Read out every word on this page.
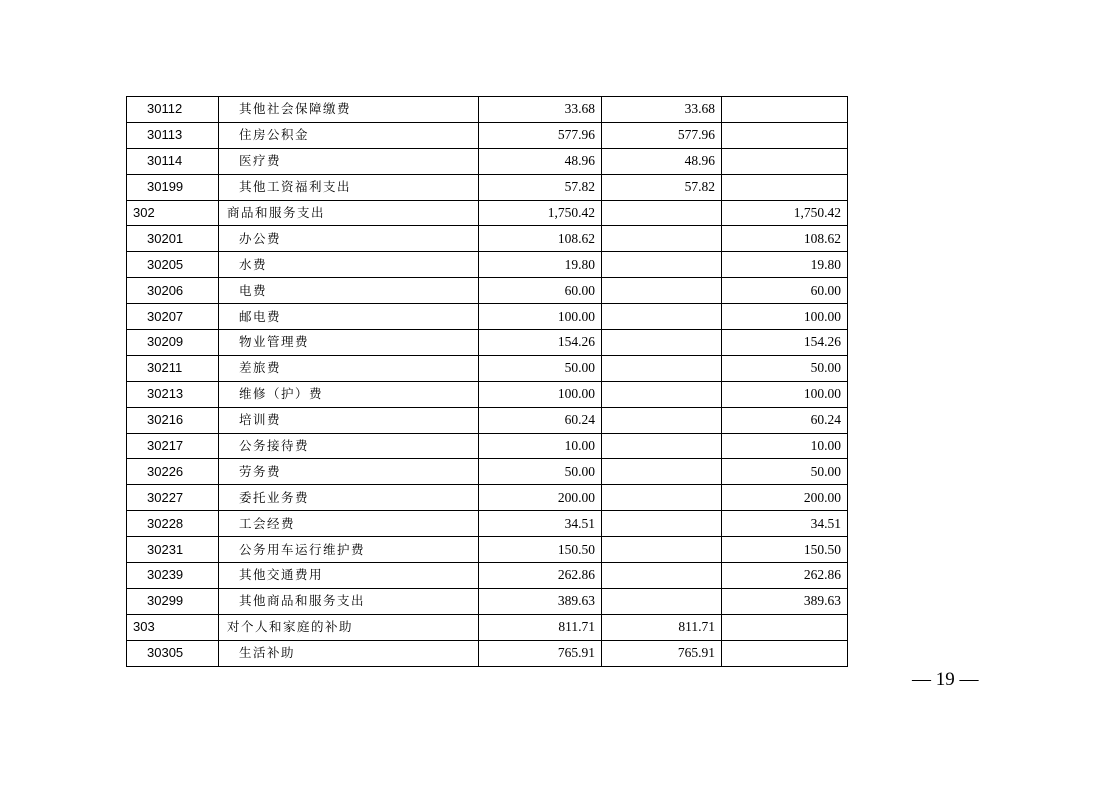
30112	其他社会保障缴费	33.68	33.68	
30113	住房公积金	577.96	577.96	
30114	医疗费	48.96	48.96	
30199	其他工资福利支出	57.82	57.82	
302	商品和服务支出	1,750.42		1,750.42
30201	办公费	108.62		108.62
30205	水费	19.80		19.80
30206	电费	60.00		60.00
30207	邮电费	100.00		100.00
30209	物业管理费	154.26		154.26
30211	差旅费	50.00		50.00
30213	维修（护）费	100.00		100.00
30216	培训费	60.24		60.24
30217	公务接待费	10.00		10.00
30226	劳务费	50.00		50.00
30227	委托业务费	200.00		200.00
30228	工会经费	34.51		34.51
30231	公务用车运行维护费	150.50		150.50
30239	其他交通费用	262.86		262.86
30299	其他商品和服务支出	389.63		389.63
303	对个人和家庭的补助	811.71	811.71	
30305	生活补助	765.91	765.91	
— 19 —
